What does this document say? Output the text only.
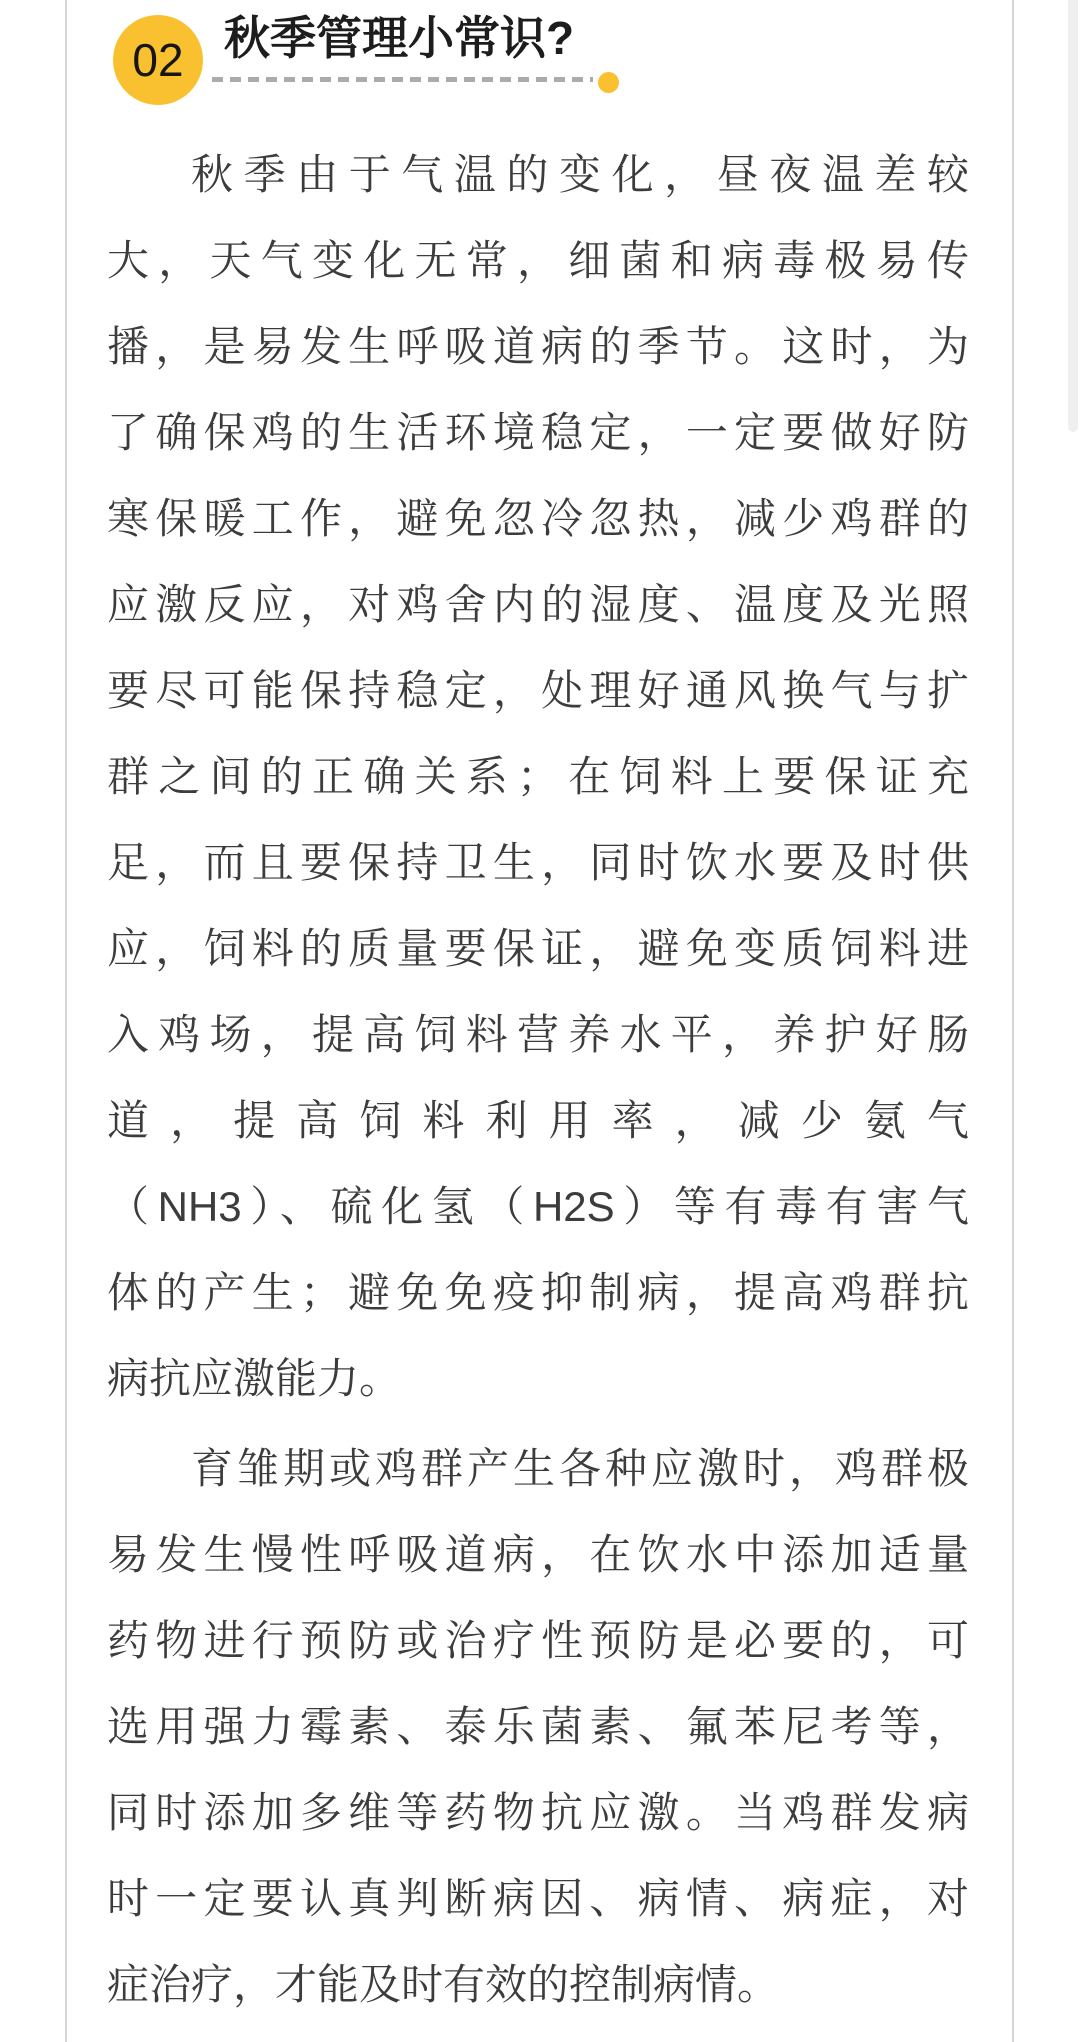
02 秋季管理小常识?
秋季由于气温的变化，昼夜温差较
大，天气变化无常，细菌和病毒极易传
播，是易发生呼吸道病的季节。这时，为
了确保鸡的生活环境稳定，一定要做好防
寒保暖工作，避免忽冷忽热，减少鸡群的
应激反应，对鸡舍内的湿度、温度及光照
要尽可能保持稳定，处理好通风换气与扩
群之间的正确关系；在饲料上要保证充
足，而且要保持卫生，同时饮水要及时供
应，饲料的质量要保证，避免变质饲料进
入鸡场，提高饲料营养水平，养护好肠
道，提高饲料利用率，减少氨气
（NH3）、硫化氢（H2S）等有毒有害气
体的产生；避免免疫抑制病，提高鸡群抗
病抗应激能力。
育雏期或鸡群产生各种应激时，鸡群极
易发生慢性呼吸道病，在饮水中添加适量
药物进行预防或治疗性预防是必要的，可
选用强力霉素、泰乐菌素、氟苯尼考等，
同时添加多维等药物抗应激。当鸡群发病
时一定要认真判断病因、病情、病症，对
症治疗，才能及时有效的控制病情。
